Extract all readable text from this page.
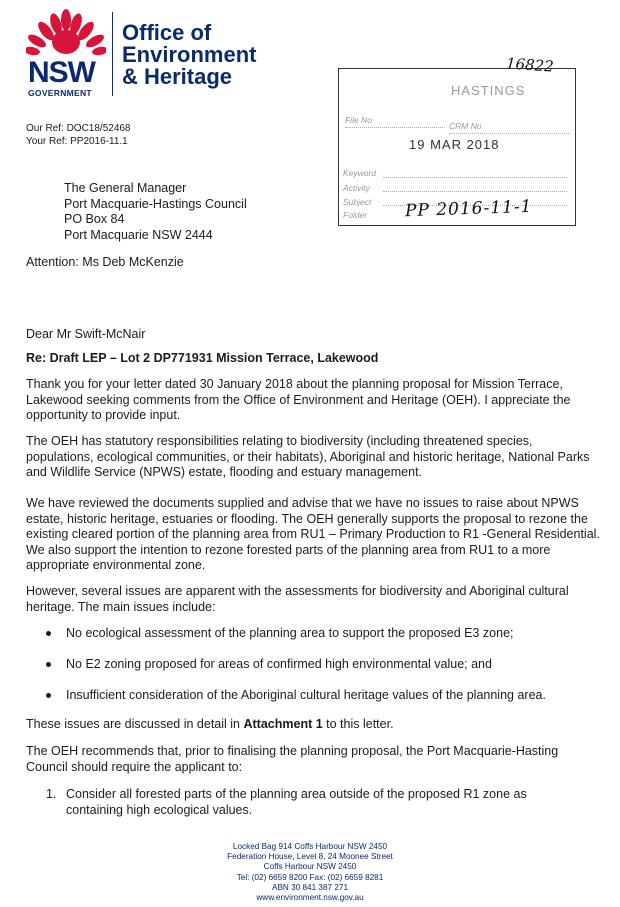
NSW
GOVERNMENT
Office of
Environment
& Heritage	16822
HASTINGS
File No
CRM No
19 MAR 2018
Keyword
Activity
Subject
Folder PP 2016-11-1
Our Ref: DOC18/52468
Your Ref: PP2016-11.1
The General Manager
Port Macquarie-Hastings Council
PO Box 84
Port Macquarie NSW 2444
Attention: Ms Deb McKenzie
Dear Mr Swift-McNair
Re: Draft LEP – Lot 2 DP771931 Mission Terrace, Lakewood
Thank you for your letter dated 30 January 2018 about the planning proposal for Mission Terrace, Lakewood seeking comments from the Office of Environment and Heritage (OEH). I appreciate the opportunity to provide input.
The OEH has statutory responsibilities relating to biodiversity (including threatened species, populations, ecological communities, or their habitats), Aboriginal and historic heritage, National Parks and Wildlife Service (NPWS) estate, flooding and estuary management.
We have reviewed the documents supplied and advise that we have no issues to raise about NPWS estate, historic heritage, estuaries or flooding. The OEH generally supports the proposal to rezone the existing cleared portion of the planning area from RU1 – Primary Production to R1 -General Residential. We also support the intention to rezone forested parts of the planning area from RU1 to a more appropriate environmental zone.
However, several issues are apparent with the assessments for biodiversity and Aboriginal cultural heritage. The main issues include:
No ecological assessment of the planning area to support the proposed E3 zone;
No E2 zoning proposed for areas of confirmed high environmental value; and
Insufficient consideration of the Aboriginal cultural heritage values of the planning area.
These issues are discussed in detail in Attachment 1 to this letter.
The OEH recommends that, prior to finalising the planning proposal, the Port Macquarie-Hasting Council should require the applicant to:
1. Consider all forested parts of the planning area outside of the proposed R1 zone as containing high ecological values.
Locked Bag 914 Coffs Harbour NSW 2450
Federation House, Level 8, 24 Moonee Street
Coffs Harbour NSW 2450
Tel: (02) 6659 8200 Fax: (02) 6659 8281
ABN 30 841 387 271
www.environment.nsw.gov.au
